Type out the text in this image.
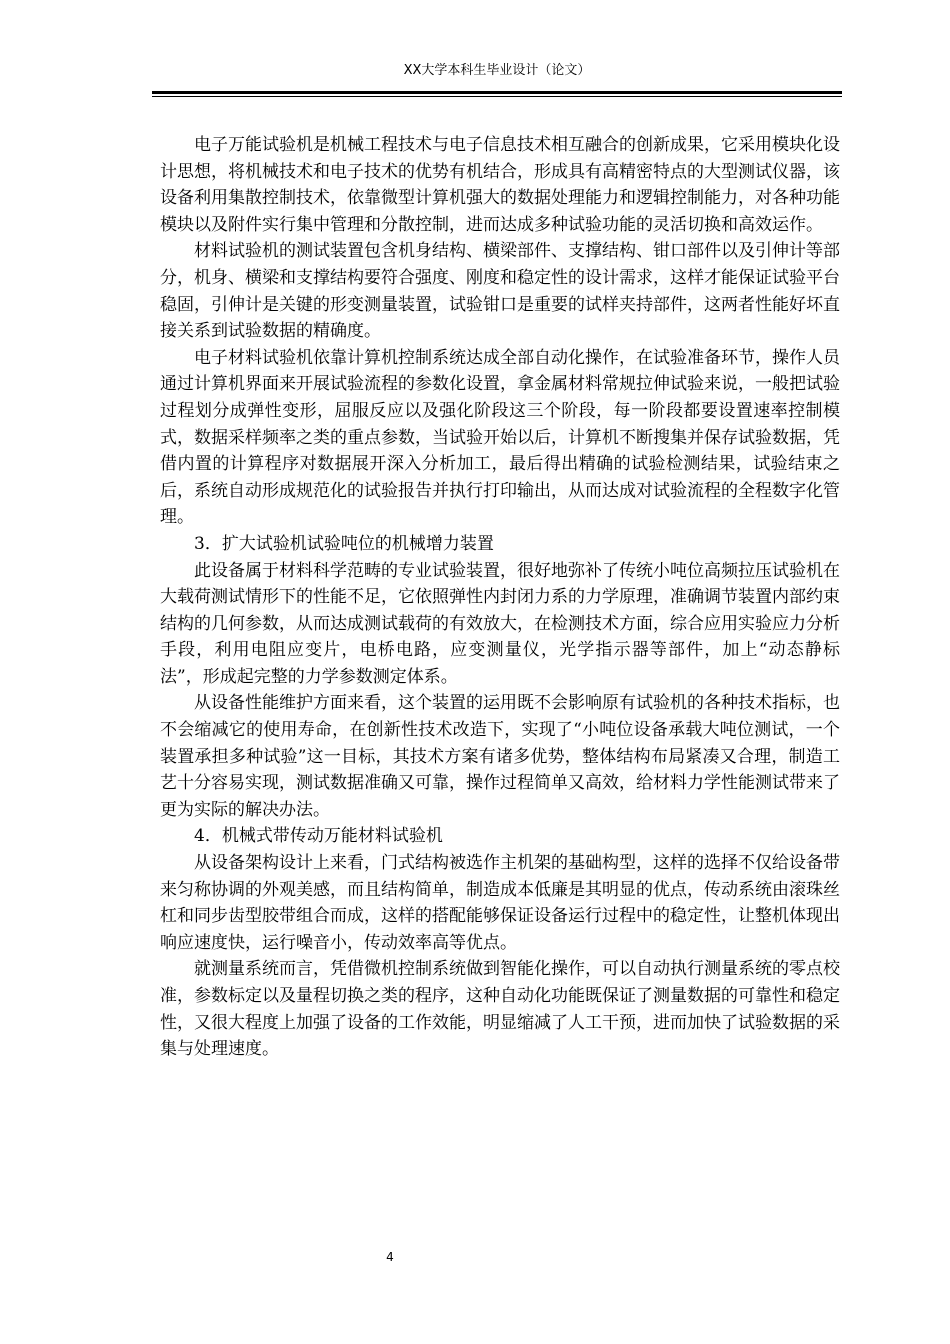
XX大学本科生毕业设计（论文）

电子万能试验机是机械工程技术与电子信息技术相互融合的创新成果，它采用模块化设计思想，将机械技术和电子技术的优势有机结合，形成具有高精密特点的大型测试仪器，该设备利用集散控制技术，依靠微型计算机强大的数据处理能力和逻辑控制能力，对各种功能模块以及附件实行集中管理和分散控制，进而达成多种试验功能的灵活切换和高效运作。

材料试验机的测试装置包含机身结构、横梁部件、支撑结构、钳口部件以及引伸计等部分，机身、横梁和支撑结构要符合强度、刚度和稳定性的设计需求，这样才能保证试验平台稳固，引伸计是关键的形变测量装置，试验钳口是重要的试样夹持部件，这两者性能好坏直接关系到试验数据的精确度。

电子材料试验机依靠计算机控制系统达成全部自动化操作，在试验准备环节，操作人员通过计算机界面来开展试验流程的参数化设置，拿金属材料常规拉伸试验来说，一般把试验过程划分成弹性变形，屈服反应以及强化阶段这三个阶段，每一阶段都要设置速率控制模式，数据采样频率之类的重点参数，当试验开始以后，计算机不断搜集并保存试验数据，凭借内置的计算程序对数据展开深入分析加工，最后得出精确的试验检测结果，试验结束之后，系统自动形成规范化的试验报告并执行打印输出，从而达成对试验流程的全程数字化管理。

3．扩大试验机试验吨位的机械增力装置

此设备属于材料科学范畴的专业试验装置，很好地弥补了传统小吨位高频拉压试验机在大载荷测试情形下的性能不足，它依照弹性内封闭力系的力学原理，准确调节装置内部约束结构的几何参数，从而达成测试载荷的有效放大，在检测技术方面，综合应用实验应力分析手段，利用电阻应变片，电桥电路，应变测量仪，光学指示器等部件，加上“动态静标法”，形成起完整的力学参数测定体系。

从设备性能维护方面来看，这个装置的运用既不会影响原有试验机的各种技术指标，也不会缩减它的使用寿命，在创新性技术改造下，实现了“小吨位设备承载大吨位测试，一个装置承担多种试验”这一目标，其技术方案有诸多优势，整体结构布局紧凑又合理，制造工艺十分容易实现，测试数据准确又可靠，操作过程简单又高效，给材料力学性能测试带来了更为实际的解决办法。

4．机械式带传动万能材料试验机

从设备架构设计上来看，门式结构被选作主机架的基础构型，这样的选择不仅给设备带来匀称协调的外观美感，而且结构简单，制造成本低廉是其明显的优点，传动系统由滚珠丝杠和同步齿型胶带组合而成，这样的搭配能够保证设备运行过程中的稳定性，让整机体现出响应速度快，运行噪音小，传动效率高等优点。

就测量系统而言，凭借微机控制系统做到智能化操作，可以自动执行测量系统的零点校准，参数标定以及量程切换之类的程序，这种自动化功能既保证了测量数据的可靠性和稳定性，又很大程度上加强了设备的工作效能，明显缩减了人工干预，进而加快了试验数据的采集与处理速度。

4
